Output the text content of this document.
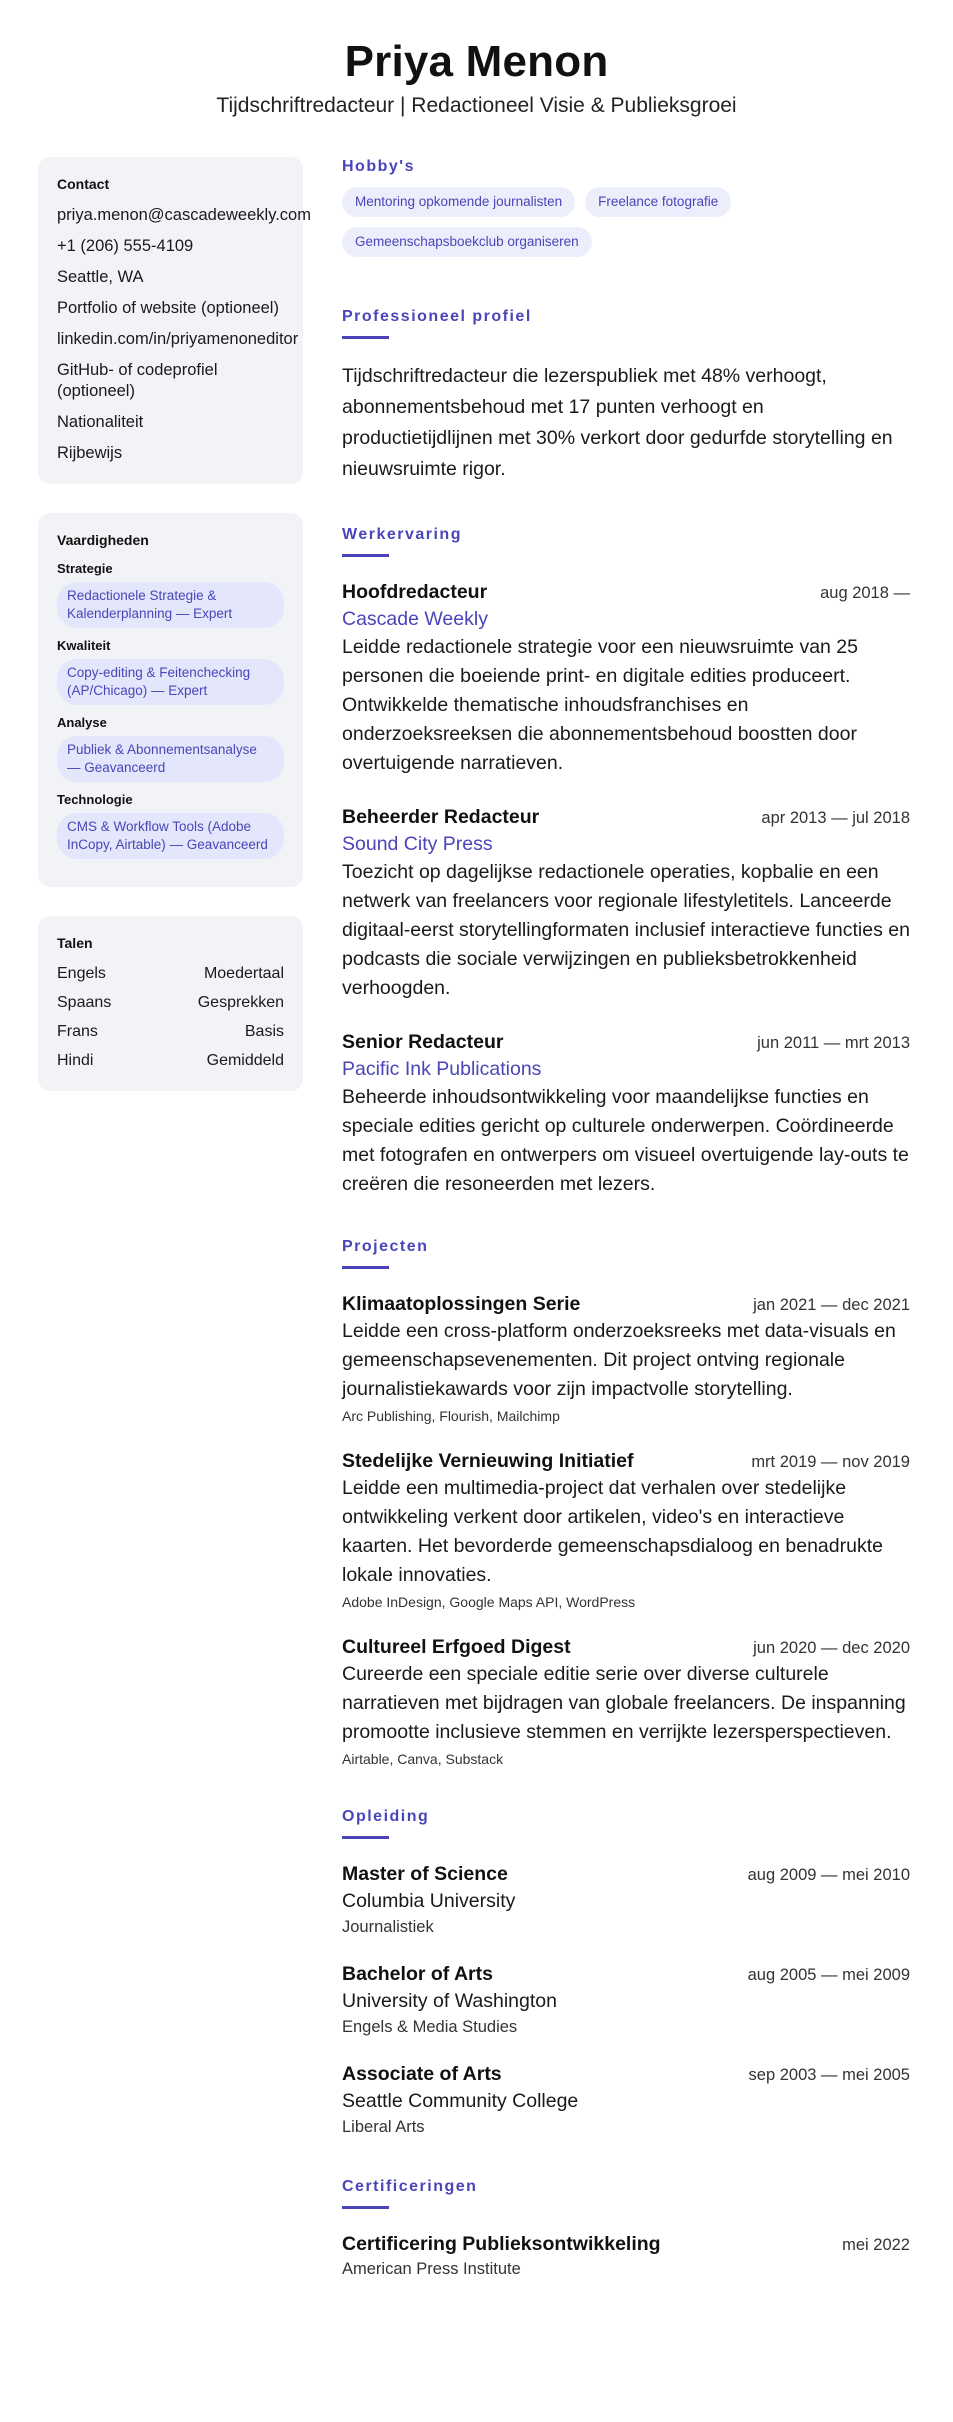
Priya Menon
Tijdschriftredacteur | Redactioneel Visie & Publieksgroei
Contact
priya.menon@cascadeweekly.com
+1 (206) 555-4109
Seattle, WA
Portfolio of website (optioneel)
linkedin.com/in/priyamenoneditor
GitHub- of codeprofiel (optioneel)
Nationaliteit
Rijbewijs
Vaardigheden
Strategie
Redactionele Strategie & Kalenderplanning — Expert
Kwaliteit
Copy-editing & Feitenchecking (AP/Chicago) — Expert
Analyse
Publiek & Abonnementsanalyse — Geavanceerd
Technologie
CMS & Workflow Tools (Adobe InCopy, Airtable) — Geavanceerd
Talen
Engels	Moedertaal
Spaans	Gesprekken
Frans	Basis
Hindi	Gemiddeld
Hobby's
Mentoring opkomende journalisten	Freelance fotografie
Gemeenschapsboekclub organiseren
Professioneel profiel
Tijdschriftredacteur die lezerspubliek met 48% verhoogt, abonnementsbehoud met 17 punten verhoogt en productietijdlijnen met 30% verkort door gedurfde storytelling en nieuwsruimte rigor.
Werkervaring
Hoofdredacteur	aug 2018 —
Cascade Weekly
Leidde redactionele strategie voor een nieuwsruimte van 25 personen die boeiende print- en digitale edities produceert. Ontwikkelde thematische inhoudsfranchises en onderzoeksreeksen die abonnementsbehoud boostten door overtuigende narratieven.
Beheerder Redacteur	apr 2013 — jul 2018
Sound City Press
Toezicht op dagelijkse redactionele operaties, kopbalie en een netwerk van freelancers voor regionale lifestyletitels. Lanceerde digitaal-eerst storytellingformaten inclusief interactieve functies en podcasts die sociale verwijzingen en publieksbetrokkenheid verhoogden.
Senior Redacteur	jun 2011 — mrt 2013
Pacific Ink Publications
Beheerde inhoudsontwikkeling voor maandelijkse functies en speciale edities gericht op culturele onderwerpen. Coördineerde met fotografen en ontwerpers om visueel overtuigende lay-outs te creëren die resoneerden met lezers.
Projecten
Klimaatoplossingen Serie	jan 2021 — dec 2021
Leidde een cross-platform onderzoeksreeks met data-visuals en gemeenschapsevenementen. Dit project ontving regionale journalistiekawards voor zijn impactvolle storytelling.
Arc Publishing, Flourish, Mailchimp
Stedelijke Vernieuwing Initiatief	mrt 2019 — nov 2019
Leidde een multimedia-project dat verhalen over stedelijke ontwikkeling verkent door artikelen, video's en interactieve kaarten. Het bevorderde gemeenschapsdialoog en benadrukte lokale innovaties.
Adobe InDesign, Google Maps API, WordPress
Cultureel Erfgoed Digest	jun 2020 — dec 2020
Cureerde een speciale editie serie over diverse culturele narratieven met bijdragen van globale freelancers. De inspanning promootte inclusieve stemmen en verrijkte lezersperspectieven.
Airtable, Canva, Substack
Opleiding
Master of Science	aug 2009 — mei 2010
Columbia University
Journalistiek
Bachelor of Arts	aug 2005 — mei 2009
University of Washington
Engels & Media Studies
Associate of Arts	sep 2003 — mei 2005
Seattle Community College
Liberal Arts
Certificeringen
Certificering Publieksontwikkeling	mei 2022
American Press Institute
